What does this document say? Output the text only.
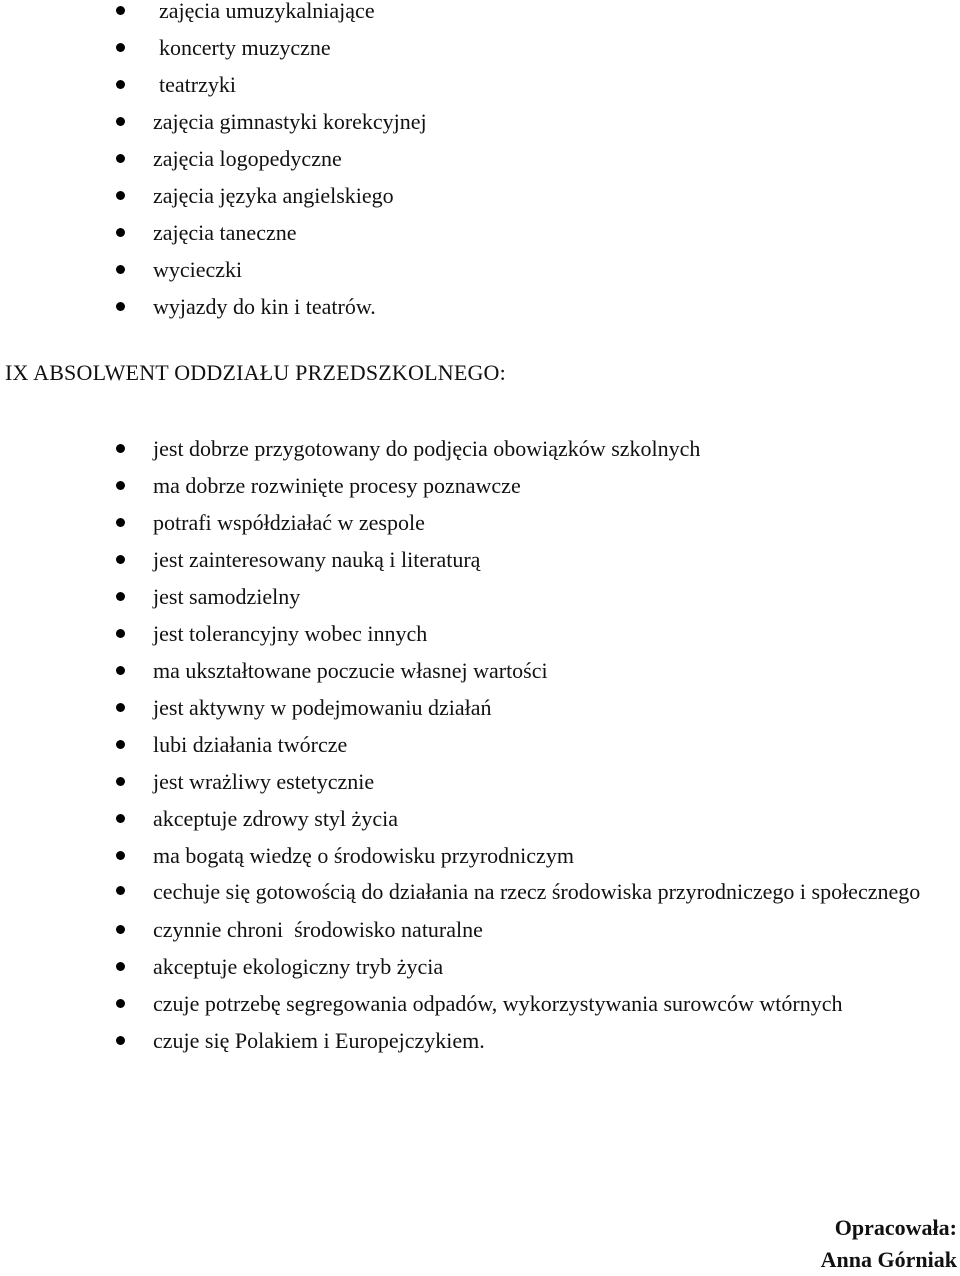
zajęcia umuzykalniające
koncerty muzyczne
teatrzyki
zajęcia gimnastyki korekcyjnej
zajęcia logopedyczne
zajęcia języka angielskiego
zajęcia taneczne
wycieczki
wyjazdy do kin i teatrów.
IX ABSOLWENT ODDZIAŁU PRZEDSZKOLNEGO:
jest dobrze przygotowany do podjęcia obowiązków szkolnych
ma dobrze rozwinięte procesy poznawcze
potrafi współdziałać w zespole
jest zainteresowany nauką i literaturą
jest samodzielny
jest tolerancyjny wobec innych
ma ukształtowane poczucie własnej wartości
jest aktywny w podejmowaniu działań
lubi działania twórcze
jest wrażliwy estetycznie
akceptuje zdrowy styl życia
ma bogatą wiedzę o środowisku przyrodniczym
cechuje się gotowością do działania na rzecz środowiska przyrodniczego i społecznego
czynnie chroni  środowisko naturalne
akceptuje ekologiczny tryb życia
czuje potrzebę segregowania odpadów, wykorzystywania surowców wtórnych
czuje się Polakiem i Europejczykiem.
Opracowała:
Anna Górniak
